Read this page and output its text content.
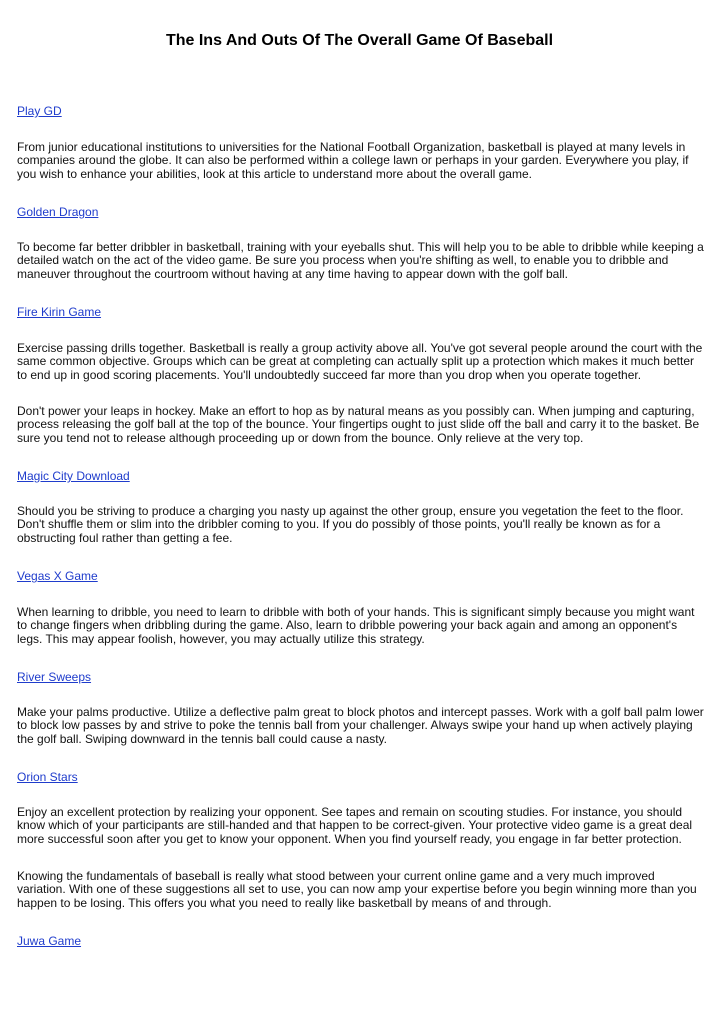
The Ins And Outs Of The Overall Game Of Baseball
Play GD

From junior educational institutions to universities for the National Football Organization, basketball is played at many levels in companies around the globe. It can also be performed within a college lawn or perhaps in your garden. Everywhere you play, if you wish to enhance your abilities, look at this article to understand more about the overall game.

Golden Dragon

To become far better dribbler in basketball, training with your eyeballs shut. This will help you to be able to dribble while keeping a detailed watch on the act of the video game. Be sure you process when you're shifting as well, to enable you to dribble and maneuver throughout the courtroom without having at any time having to appear down with the golf ball.

Fire Kirin Game

Exercise passing drills together. Basketball is really a group activity above all. You've got several people around the court with the same common objective. Groups which can be great at completing can actually split up a protection which makes it much better to end up in good scoring placements. You'll undoubtedly succeed far more than you drop when you operate together.

Don't power your leaps in hockey. Make an effort to hop as by natural means as you possibly can. When jumping and capturing, process releasing the golf ball at the top of the bounce. Your fingertips ought to just slide off the ball and carry it to the basket. Be sure you tend not to release although proceeding up or down from the bounce. Only relieve at the very top.

Magic City Download

Should you be striving to produce a charging you nasty up against the other group, ensure you vegetation the feet to the floor. Don't shuffle them or slim into the dribbler coming to you. If you do possibly of those points, you'll really be known as for a obstructing foul rather than getting a fee.

Vegas X Game

When learning to dribble, you need to learn to dribble with both of your hands. This is significant simply because you might want to change fingers when dribbling during the game. Also, learn to dribble powering your back again and among an opponent's legs. This may appear foolish, however, you may actually utilize this strategy.

River Sweeps

Make your palms productive. Utilize a deflective palm great to block photos and intercept passes. Work with a golf ball palm lower to block low passes by and strive to poke the tennis ball from your challenger. Always swipe your hand up when actively playing the golf ball. Swiping downward in the tennis ball could cause a nasty.

Orion Stars

Enjoy an excellent protection by realizing your opponent. See tapes and remain on scouting studies. For instance, you should know which of your participants are still-handed and that happen to be correct-given. Your protective video game is a great deal more successful soon after you get to know your opponent. When you find yourself ready, you engage in far better protection.

Knowing the fundamentals of baseball is really what stood between your current online game and a very much improved variation. With one of these suggestions all set to use, you can now amp your expertise before you begin winning more than you happen to be losing. This offers you what you need to really like basketball by means of and through.

Juwa Game
